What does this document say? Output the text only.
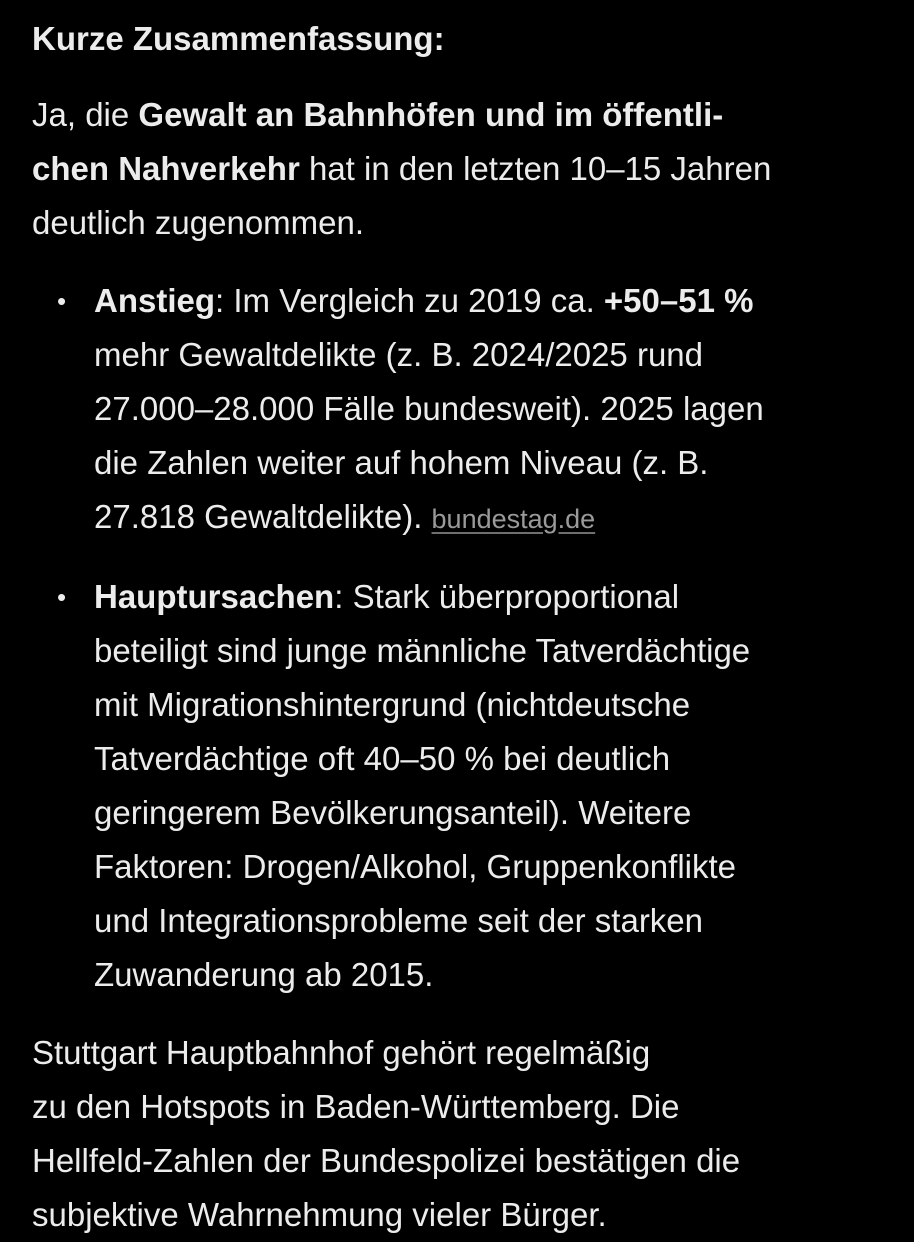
Kurze Zusammenfassung:

Ja, die Gewalt an Bahnhöfen und im öffentli-
chen Nahverkehr hat in den letzten 10–15 Jahren
deutlich zugenommen.

• Anstieg: Im Vergleich zu 2019 ca. +50–51 %
mehr Gewaltdelikte (z. B. 2024/2025 rund
27.000–28.000 Fälle bundesweit). 2025 lagen
die Zahlen weiter auf hohem Niveau (z. B.
27.818 Gewaltdelikte). bundestag.de
• Hauptursachen: Stark überproportional
beteiligt sind junge männliche Tatverdächtige
mit Migrationshintergrund (nichtdeutsche
Tatverdächtige oft 40–50 % bei deutlich
geringerem Bevölkerungsanteil). Weitere
Faktoren: Drogen/Alkohol, Gruppenkonflikte
und Integrationsprobleme seit der starken
Zuwanderung ab 2015.

Stuttgart Hauptbahnhof gehört regelmäßig
zu den Hotspots in Baden-Württemberg. Die
Hellfeld-Zahlen der Bundespolizei bestätigen die
subjektive Wahrnehmung vieler Bürger.
